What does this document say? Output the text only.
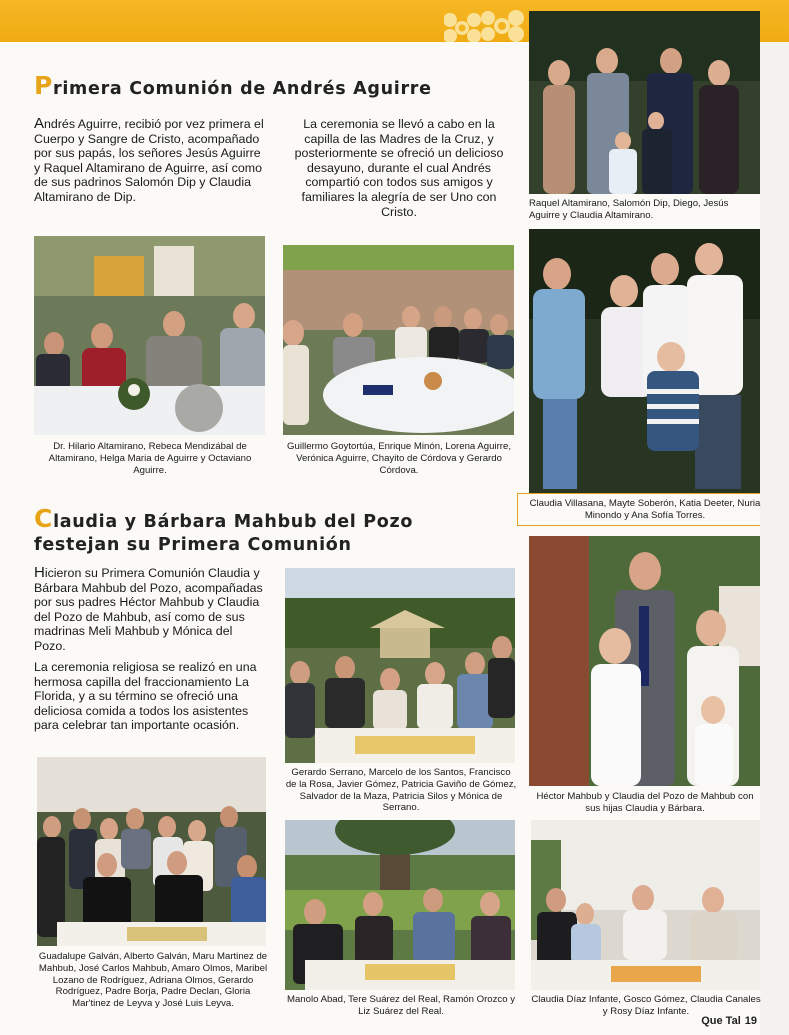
Primera Comunión de Andrés Aguirre

Andrés Aguirre, recibió por vez primera el Cuerpo y Sangre de Cristo, acompañado por sus papás, los señores Jesús Aguirre y Raquel Altamirano de Aguirre, así como de sus padrinos Salomón Dip y Claudia Altamirano de Dip.

La ceremonia se llevó a cabo en la capilla de las Madres de la Cruz, y posteriormente se ofreció un delicioso desayuno, durante el cual Andrés compartió con todos sus amigos y familiares la alegría de ser Uno con Cristo.

Raquel Altamirano, Salomón Dip, Diego, Jesús Aguirre y Claudia Altamirano.

Dr. Hilario Altamirano, Rebeca Mendizábal de Altamirano, Helga Maria de Aguirre y Octaviano Aguirre.

Guillermo Goytortúa, Enrique Minón, Lorena Aguirre, Verónica Aguirre, Chayito de Córdova y Gerardo Córdova.

Claudia Villasana, Mayte Soberón, Katia Deeter, Nuria Minondo y Ana Sofía Torres.

Claudia y Bárbara Mahbub del Pozo
festejan su Primera Comunión

Hicieron su Primera Comunión Claudia y Bárbara Mahbub del Pozo, acompañadas por sus padres Héctor Mahbub y Claudia del Pozo de Mahbub, así como de sus madrinas Meli Mahbub y Mónica del Pozo.

La ceremonia religiosa se realizó en una hermosa capilla del fraccionamiento La Florida, y a su término se ofreció una deliciosa comida a todos los asistentes para celebrar tan importante ocasión.

Gerardo Serrano, Marcelo de los Santos, Francisco de la Rosa, Javier Gómez, Patricia Gaviño de Gómez, Salvador de la Maza, Patricia Silos y Mónica de Serrano.

Héctor Mahbub y Claudia del Pozo de Mahbub con sus hijas Claudia y Bárbara.

Guadalupe Galván, Alberto Galván, Maru Martinez de Mahbub, José Carlos Mahbub, Amaro Olmos, Maribel Lozano de Rodríguez, Adriana Olmos, Gerardo Rodríguez, Padre Borja, Padre Declan, Gloria Mar'tinez de Leyva y José Luis Leyva.	Manolo Abad, Tere Suárez del Real, Ramón Orozco y Liz Suárez del Real.

Claudia Díaz Infante, Gosco Gómez, Claudia Canales y Rosy Díaz Infante.

Que Tal 19
